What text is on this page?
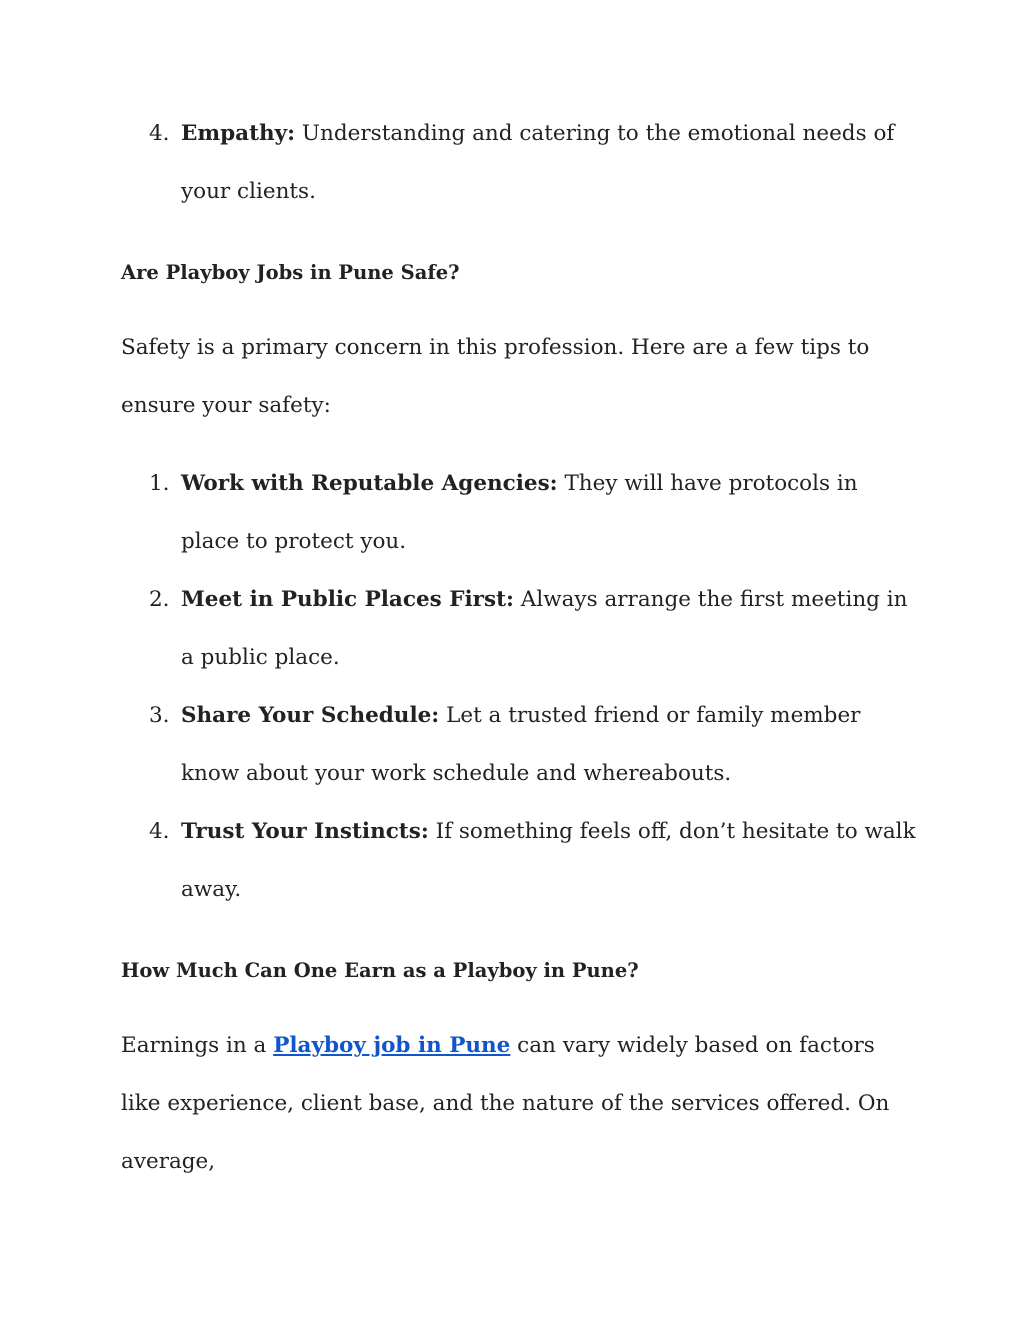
4. Empathy: Understanding and catering to the emotional needs of your clients.
Are Playboy Jobs in Pune Safe?
Safety is a primary concern in this profession. Here are a few tips to ensure your safety:
1. Work with Reputable Agencies: They will have protocols in place to protect you.
2. Meet in Public Places First: Always arrange the first meeting in a public place.
3. Share Your Schedule: Let a trusted friend or family member know about your work schedule and whereabouts.
4. Trust Your Instincts: If something feels off, don’t hesitate to walk away.
How Much Can One Earn as a Playboy in Pune?
Earnings in a Playboy job in Pune can vary widely based on factors like experience, client base, and the nature of the services offered. On average,
